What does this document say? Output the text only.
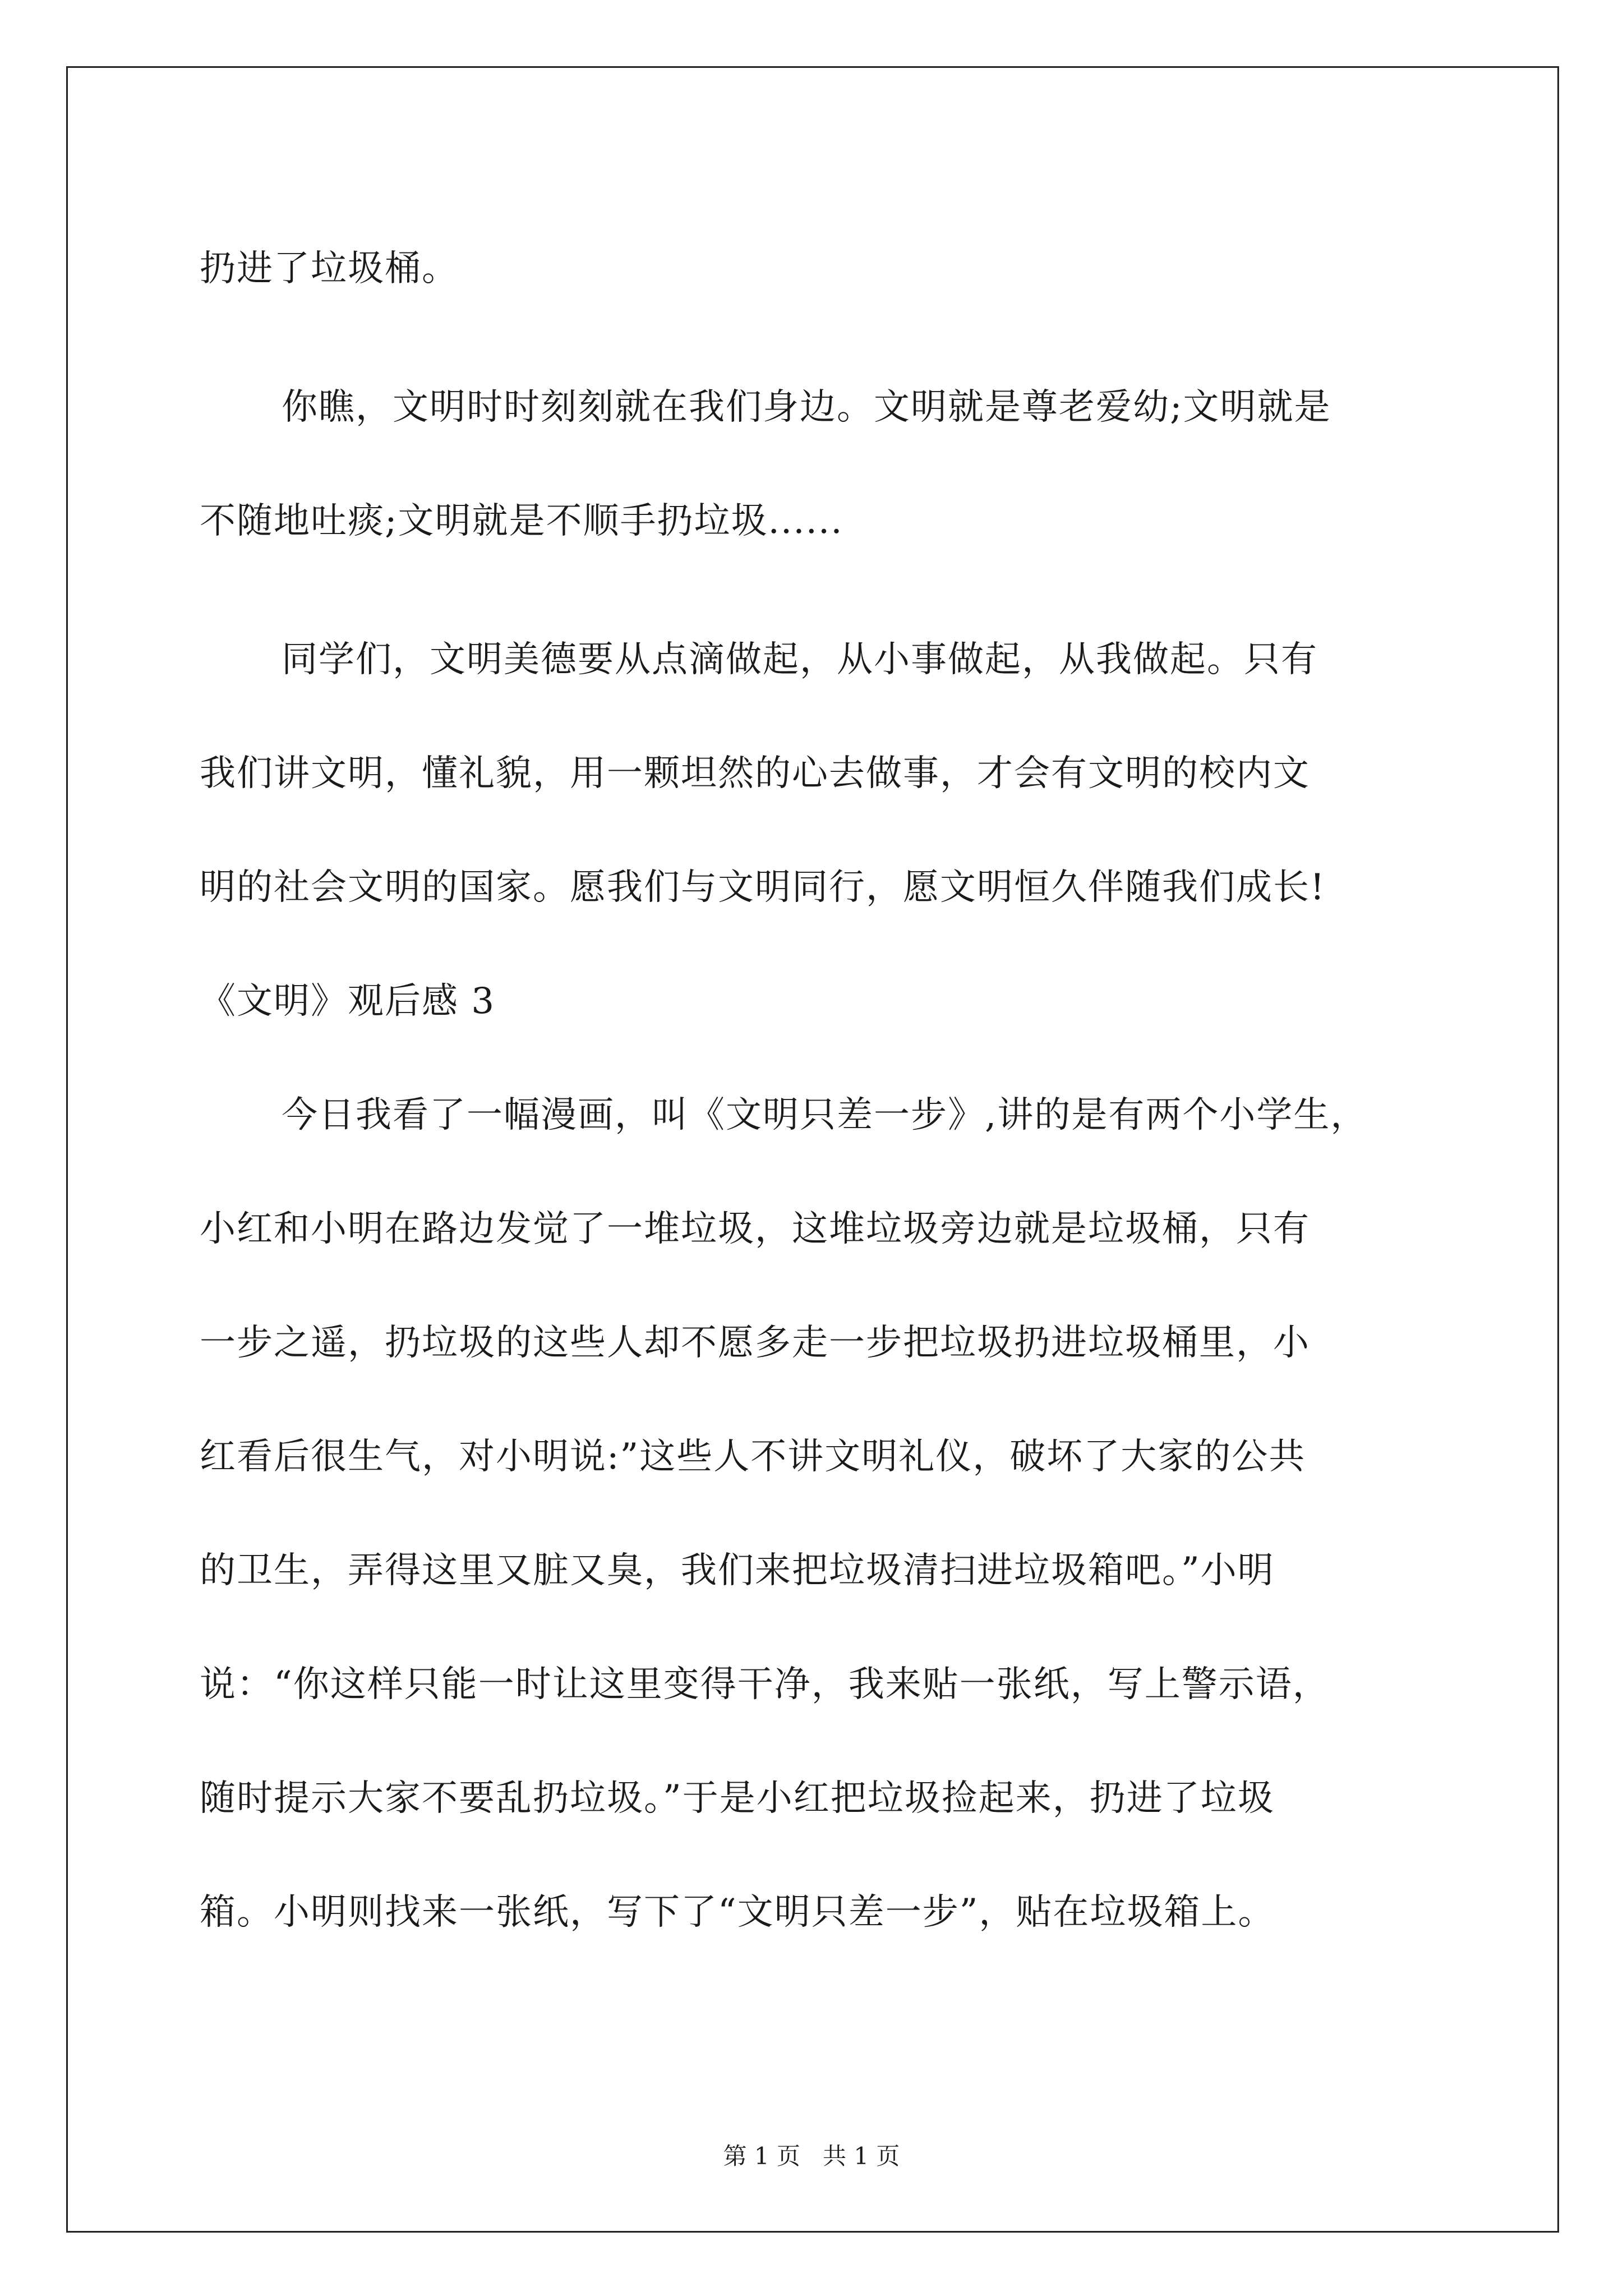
扔进了垃圾桶。
你瞧，文明时时刻刻就在我们身边。文明就是尊老爱幼;文明就是
不随地吐痰;文明就是不顺手扔垃圾......
同学们，文明美德要从点滴做起，从小事做起，从我做起。只有
我们讲文明，懂礼貌，用一颗坦然的心去做事，才会有文明的校内文
明的社会文明的国家。愿我们与文明同行，愿文明恒久伴随我们成长!
《文明》观后感 3
今日我看了一幅漫画，叫《文明只差一步》,讲的是有两个小学生，
小红和小明在路边发觉了一堆垃圾，这堆垃圾旁边就是垃圾桶，只有
一步之遥，扔垃圾的这些人却不愿多走一步把垃圾扔进垃圾桶里，小
红看后很生气，对小明说:”这些人不讲文明礼仪，破坏了大家的公共
的卫生，弄得这里又脏又臭，我们来把垃圾清扫进垃圾箱吧。”小明
说：“你这样只能一时让这里变得干净，我来贴一张纸，写上警示语，
随时提示大家不要乱扔垃圾。”于是小红把垃圾捡起来，扔进了垃圾
箱。小明则找来一张纸，写下了“文明只差一步”，贴在垃圾箱上。
第 1 页 共 1 页
